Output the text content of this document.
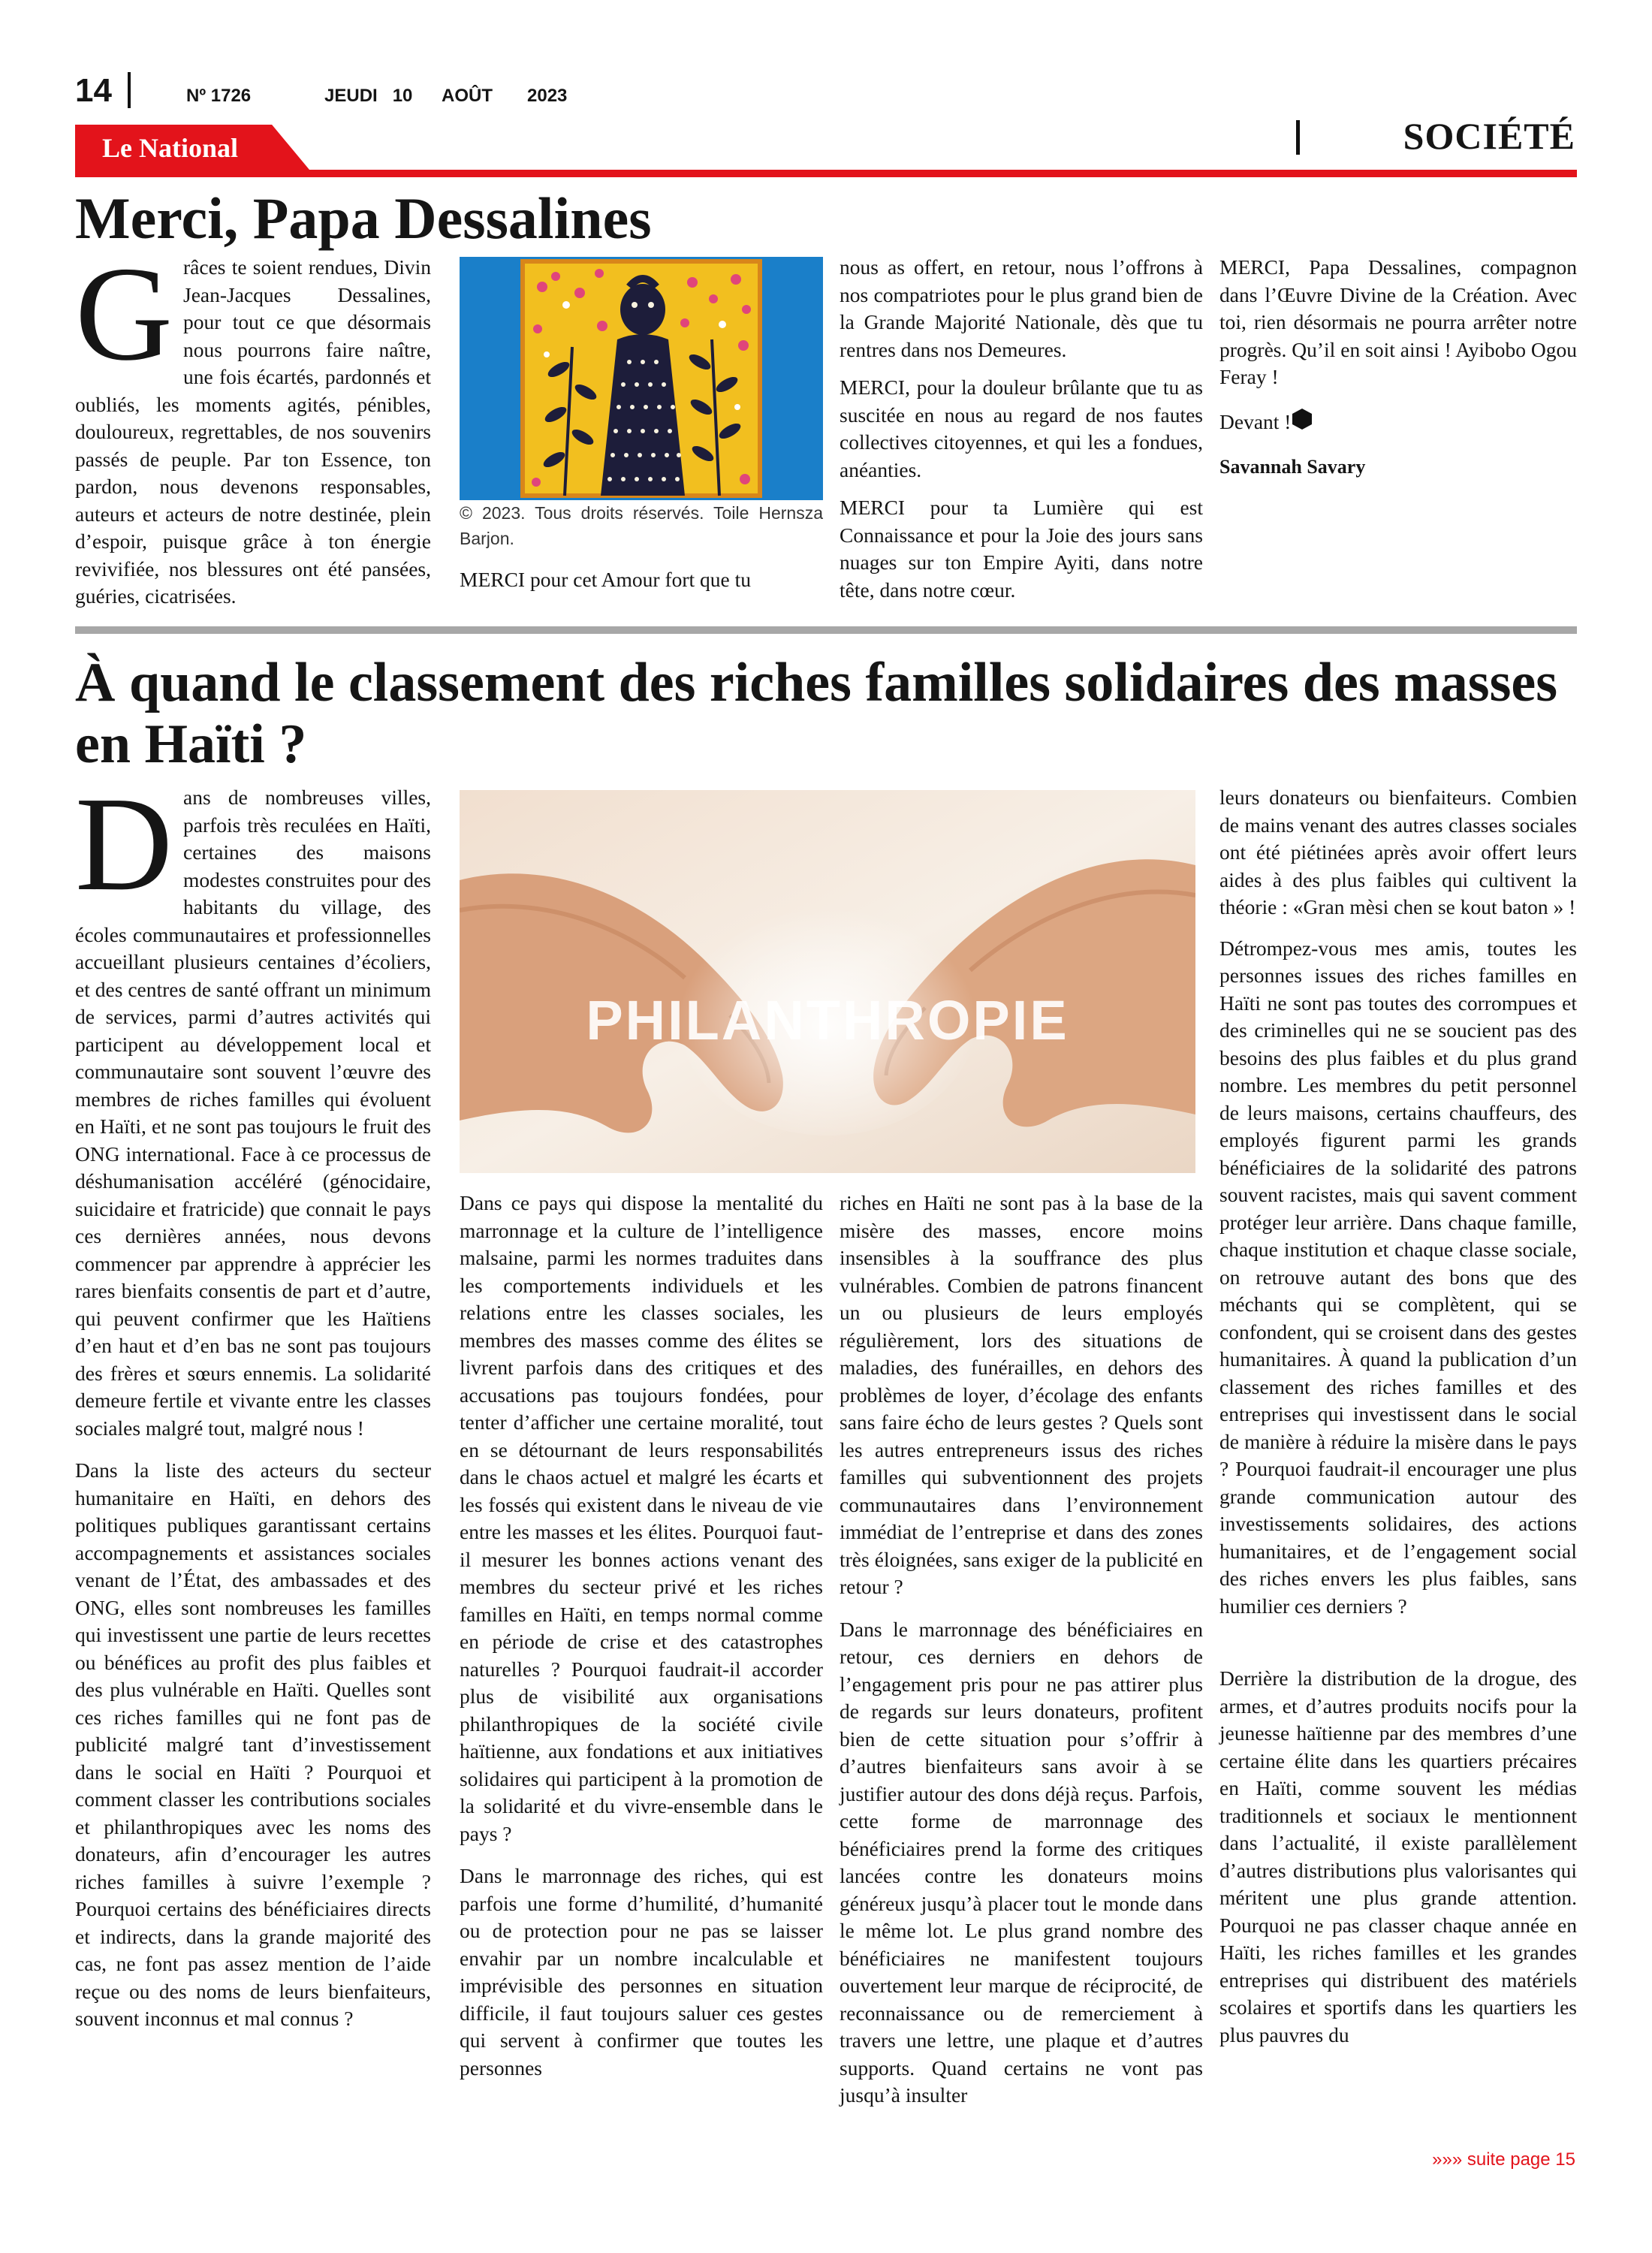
14	Nº 1726	JEUDI   10 AOÛT 2023
SOCIÉTÉ
Le National
Merci, Papa Dessalines

Grâces te soient rendues, Divin Jean-Jacques Dessalines, pour tout ce que désormais nous pourrons faire naître, une fois écartés, pardonnés et oubliés, les moments agités, pénibles, douloureux, regrettables, de nos souvenirs passés de peuple. Par ton Essence, ton pardon, nous devenons responsables, auteurs et acteurs de notre destinée, plein d’espoir, puisque grâce à ton énergie revivifiée, nos blessures ont été pansées, guéries, cicatrisées.

© 2023. Tous droits réservés. Toile Hernsza Barjon.

MERCI pour cet Amour fort que tu

nous as offert, en retour, nous l’offrons à nos compatriotes pour le plus grand bien de la Grande Majorité Nationale, dès que tu rentres dans nos Demeures.

MERCI, pour la douleur brûlante que tu as suscitée en nous au regard de nos fautes collectives citoyennes, et qui les a fondues, anéanties.

MERCI pour ta Lumière qui est Connaissance et pour la Joie des jours sans nuages sur ton Empire Ayiti, dans notre tête, dans notre cœur.

MERCI, Papa Dessalines, compagnon dans l’Œuvre Divine de la Création. Avec toi, rien désormais ne pourra arrêter notre progrès. Qu’il en soit ainsi ! Ayibobo Ogou Feray !

Devant !

Savannah Savary

À quand le classement des riches familles solidaires des masses en Haïti ?

Dans de nombreuses villes, parfois très reculées en Haïti, certaines des maisons modestes construites pour des habitants du village, des écoles communautaires et professionnelles accueillant plusieurs centaines d’écoliers, et des centres de santé offrant un minimum de services, parmi d’autres activités qui participent au développement local et communautaire sont souvent l’œuvre des membres de riches familles qui évoluent en Haïti, et ne sont pas toujours le fruit des ONG international. Face à ce processus de déshumanisation accéléré (génocidaire, suicidaire et fratricide) que connait le pays ces dernières années, nous devons commencer par apprendre à apprécier les rares bienfaits consentis de part et d’autre, qui peuvent confirmer que les Haïtiens d’en haut et d’en bas ne sont pas toujours des frères et sœurs ennemis. La solidarité demeure fertile et vivante entre les classes sociales malgré tout, malgré nous !

Dans la liste des acteurs du secteur humanitaire en Haïti, en dehors des politiques publiques garantissant certains accompagnements et assistances sociales venant de l’État, des ambassades et des ONG, elles sont nombreuses les familles qui investissent une partie de leurs recettes ou bénéfices au profit des plus faibles et des plus vulnérable en Haïti. Quelles sont ces riches familles qui ne font pas de publicité malgré tant d’investissement dans le social en Haïti ? Pourquoi et comment classer les contributions sociales et philanthropiques avec les noms des donateurs, afin d’encourager les autres riches familles à suivre l’exemple ? Pourquoi certains des bénéficiaires directs et indirects, dans la grande majorité des cas, ne font pas assez mention de l’aide reçue ou des noms de leurs bienfaiteurs, souvent inconnus et mal connus ?

PHILANTHROPIE

Dans ce pays qui dispose la mentalité du marronnage et la culture de l’intelligence malsaine, parmi les normes traduites dans les comportements individuels et les relations entre les classes sociales, les membres des masses comme des élites se livrent parfois dans des critiques et des accusations pas toujours fondées, pour tenter d’afficher une certaine moralité, tout en se détournant de leurs responsabilités dans le chaos actuel et malgré les écarts et les fossés qui existent dans le niveau de vie entre les masses et les élites. Pourquoi faut-il mesurer les bonnes actions venant des membres du secteur privé et les riches familles en Haïti, en temps normal comme en période de crise et des catastrophes naturelles ? Pourquoi faudrait-il accorder plus de visibilité aux organisations philanthropiques de la société civile haïtienne, aux fondations et aux initiatives solidaires qui participent à la promotion de la solidarité et du vivre-ensemble dans le pays ?

Dans le marronnage des riches, qui est parfois une forme d’humilité, d’humanité ou de protection pour ne pas se laisser envahir par un nombre incalculable et imprévisible des personnes en situation difficile, il faut toujours saluer ces gestes qui servent à confirmer que toutes les personnes

riches en Haïti ne sont pas à la base de la misère des masses, encore moins insensibles à la souffrance des plus vulnérables. Combien de patrons financent un ou plusieurs de leurs employés régulièrement, lors des situations de maladies, des funérailles, en dehors des problèmes de loyer, d’écolage des enfants sans faire écho de leurs gestes ? Quels sont les autres entrepreneurs issus des riches familles qui subventionnent des projets communautaires dans l’environnement immédiat de l’entreprise et dans des zones très éloignées, sans exiger de la publicité en retour ?

Dans le marronnage des bénéficiaires en retour, ces derniers en dehors de l’engagement pris pour ne pas attirer plus de regards sur leurs donateurs, profitent bien de cette situation pour s’offrir à d’autres bienfaiteurs sans avoir à se justifier autour des dons déjà reçus. Parfois, cette forme de marronnage des bénéficiaires prend la forme des critiques lancées contre les donateurs moins généreux jusqu’à placer tout le monde dans le même lot. Le plus grand nombre des bénéficiaires ne manifestent toujours ouvertement leur marque de réciprocité, de reconnaissance ou de remerciement à travers une lettre, une plaque et d’autres supports. Quand certains ne vont pas jusqu’à insulter

leurs donateurs ou bienfaiteurs. Combien de mains venant des autres classes sociales ont été piétinées après avoir offert leurs aides à des plus faibles qui cultivent la théorie : «Gran mèsi chen se kout baton » !

Détrompez-vous mes amis, toutes les personnes issues des riches familles en Haïti ne sont pas toutes des corrompues et des criminelles qui ne se soucient pas des besoins des plus faibles et du plus grand nombre. Les membres du petit personnel de leurs maisons, certains chauffeurs, des employés figurent parmi les grands bénéficiaires de la solidarité des patrons souvent racistes, mais qui savent comment protéger leur arrière. Dans chaque famille, chaque institution et chaque classe sociale, on retrouve autant des bons que des méchants qui se complètent, qui se confondent, qui se croisent dans des gestes humanitaires. À quand la publication d’un classement des riches familles et des entreprises qui investissent dans le social de manière à réduire la misère dans le pays ? Pourquoi faudrait-il encourager une plus grande communication autour des investissements solidaires, des actions humanitaires, et de l’engagement social des riches envers les plus faibles, sans humilier ces derniers ?

Derrière la distribution de la drogue, des armes, et d’autres produits nocifs pour la jeunesse haïtienne par des membres d’une certaine élite dans les quartiers précaires en Haïti, comme souvent les médias traditionnels et sociaux le mentionnent dans l’actualité, il existe parallèlement d’autres distributions plus valorisantes qui méritent une plus grande attention. Pourquoi ne pas classer chaque année en Haïti, les riches familles et les grandes entreprises qui distribuent des matériels scolaires et sportifs dans les quartiers les plus pauvres du

»»» suite page 15
